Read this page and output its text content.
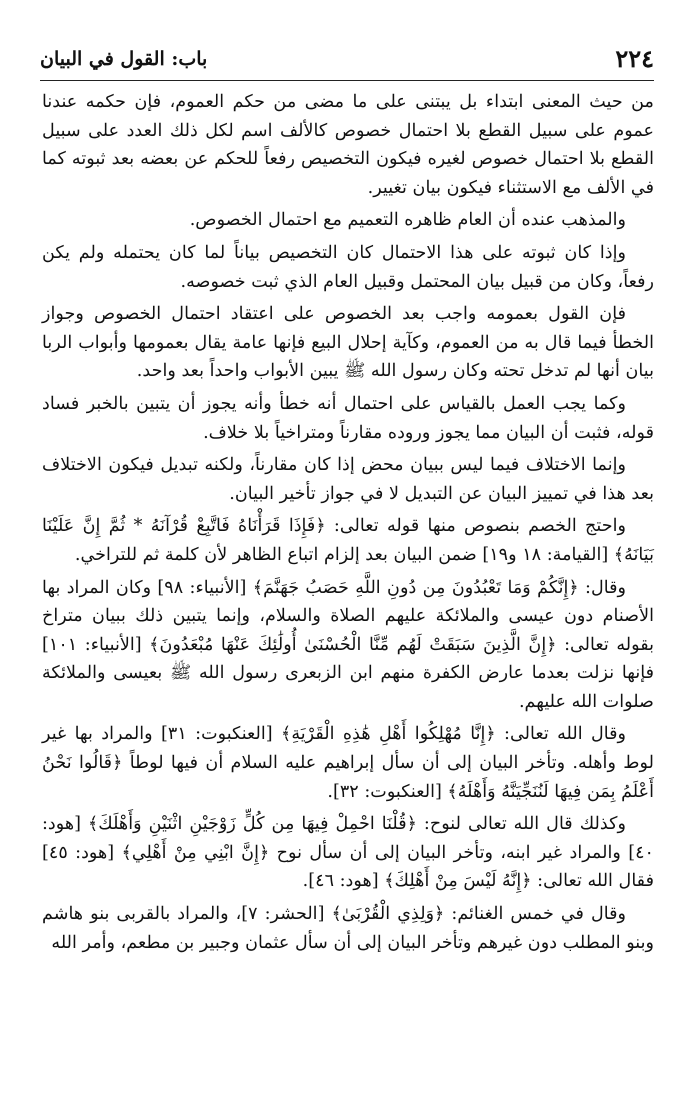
٢٢٤
باب: القول في البيان

من حيث المعنى ابتداء بل يبتنى على ما مضى من حكم العموم، فإن حكمه عندنا عموم على سبيل القطع بلا احتمال خصوص كالألف اسم لكل ذلك العدد على سبيل القطع بلا احتمال خصوص لغيره فيكون التخصيص رفعاً للحكم عن بعضه بعد ثبوته كما في الألف مع الاستثناء فيكون بيان تغيير.

والمذهب عنده أن العام ظاهره التعميم مع احتمال الخصوص.

وإذا كان ثبوته على هذا الاحتمال كان التخصيص بياناً لما كان يحتمله ولم يكن رفعاً، وكان من قبيل بيان المحتمل وقبيل العام الذي ثبت خصوصه.

فإن القول بعمومه واجب بعد الخصوص على اعتقاد احتمال الخصوص وجواز الخطأ فيما قال به من العموم، وكآية إحلال البيع فإنها عامة يقال بعمومها وأبواب الربا بيان أنها لم تدخل تحته وكان رسول الله ﷺ يبين الأبواب واحداً بعد واحد.

وكما يجب العمل بالقياس على احتمال أنه خطأ وأنه يجوز أن يتبين بالخبر فساد قوله، فثبت أن البيان مما يجوز وروده مقارناً ومتراخياً بلا خلاف.

وإنما الاختلاف فيما ليس ببيان محض إذا كان مقارناً، ولكنه تبديل فيكون الاختلاف بعد هذا في تمييز البيان عن التبديل لا في جواز تأخير البيان.

واحتج الخصم بنصوص منها قوله تعالى: ﴿فَإِذَا قَرَأْنَاهُ فَاتَّبِعْ قُرْآنَهُ * ثُمَّ إِنَّ عَلَيْنَا بَيَانَهُ﴾ [القيامة: ١٨ و١٩] ضمن البيان بعد إلزام اتباع الظاهر لأن كلمة ثم للتراخي.

وقال: ﴿إِنَّكُمْ وَمَا تَعْبُدُونَ مِن دُونِ اللَّهِ حَصَبُ جَهَنَّمَ﴾ [الأنبياء: ٩٨] وكان المراد بها الأصنام دون عيسى والملائكة عليهم الصلاة والسلام، وإنما يتبين ذلك ببيان متراخ بقوله تعالى: ﴿إِنَّ الَّذِينَ سَبَقَتْ لَهُم مِّنَّا الْحُسْنَىٰ أُولَٰئِكَ عَنْهَا مُبْعَدُونَ﴾ [الأنبياء: ١٠١] فإنها نزلت بعدما عارض الكفرة منهم ابن الزبعرى رسول الله ﷺ بعيسى والملائكة صلوات الله عليهم.

وقال الله تعالى: ﴿إِنَّا مُهْلِكُوا أَهْلِ هَٰذِهِ الْقَرْيَةِ﴾ [العنكبوت: ٣١] والمراد بها غير لوط وأهله. وتأخر البيان إلى أن سأل إبراهيم عليه السلام أن فيها لوطاً ﴿قَالُوا نَحْنُ أَعْلَمُ بِمَن فِيهَا لَنُنَجِّيَنَّهُ وَأَهْلَهُ﴾ [العنكبوت: ٣٢].

وكذلك قال الله تعالى لنوح: ﴿قُلْنَا احْمِلْ فِيهَا مِن كُلٍّ زَوْجَيْنِ اثْنَيْنِ وَأَهْلَكَ﴾ [هود: ٤٠] والمراد غير ابنه، وتأخر البيان إلى أن سأل نوح ﴿إِنَّ ابْنِي مِنْ أَهْلِي﴾ [هود: ٤٥] فقال الله تعالى: ﴿إِنَّهُ لَيْسَ مِنْ أَهْلِكَ﴾ [هود: ٤٦].

وقال في خمس الغنائم: ﴿وَلِذِي الْقُرْبَىٰ﴾ [الحشر: ٧]، والمراد بالقربى بنو هاشم وبنو المطلب دون غيرهم وتأخر البيان إلى أن سأل عثمان وجبير بن مطعم، وأمر الله
